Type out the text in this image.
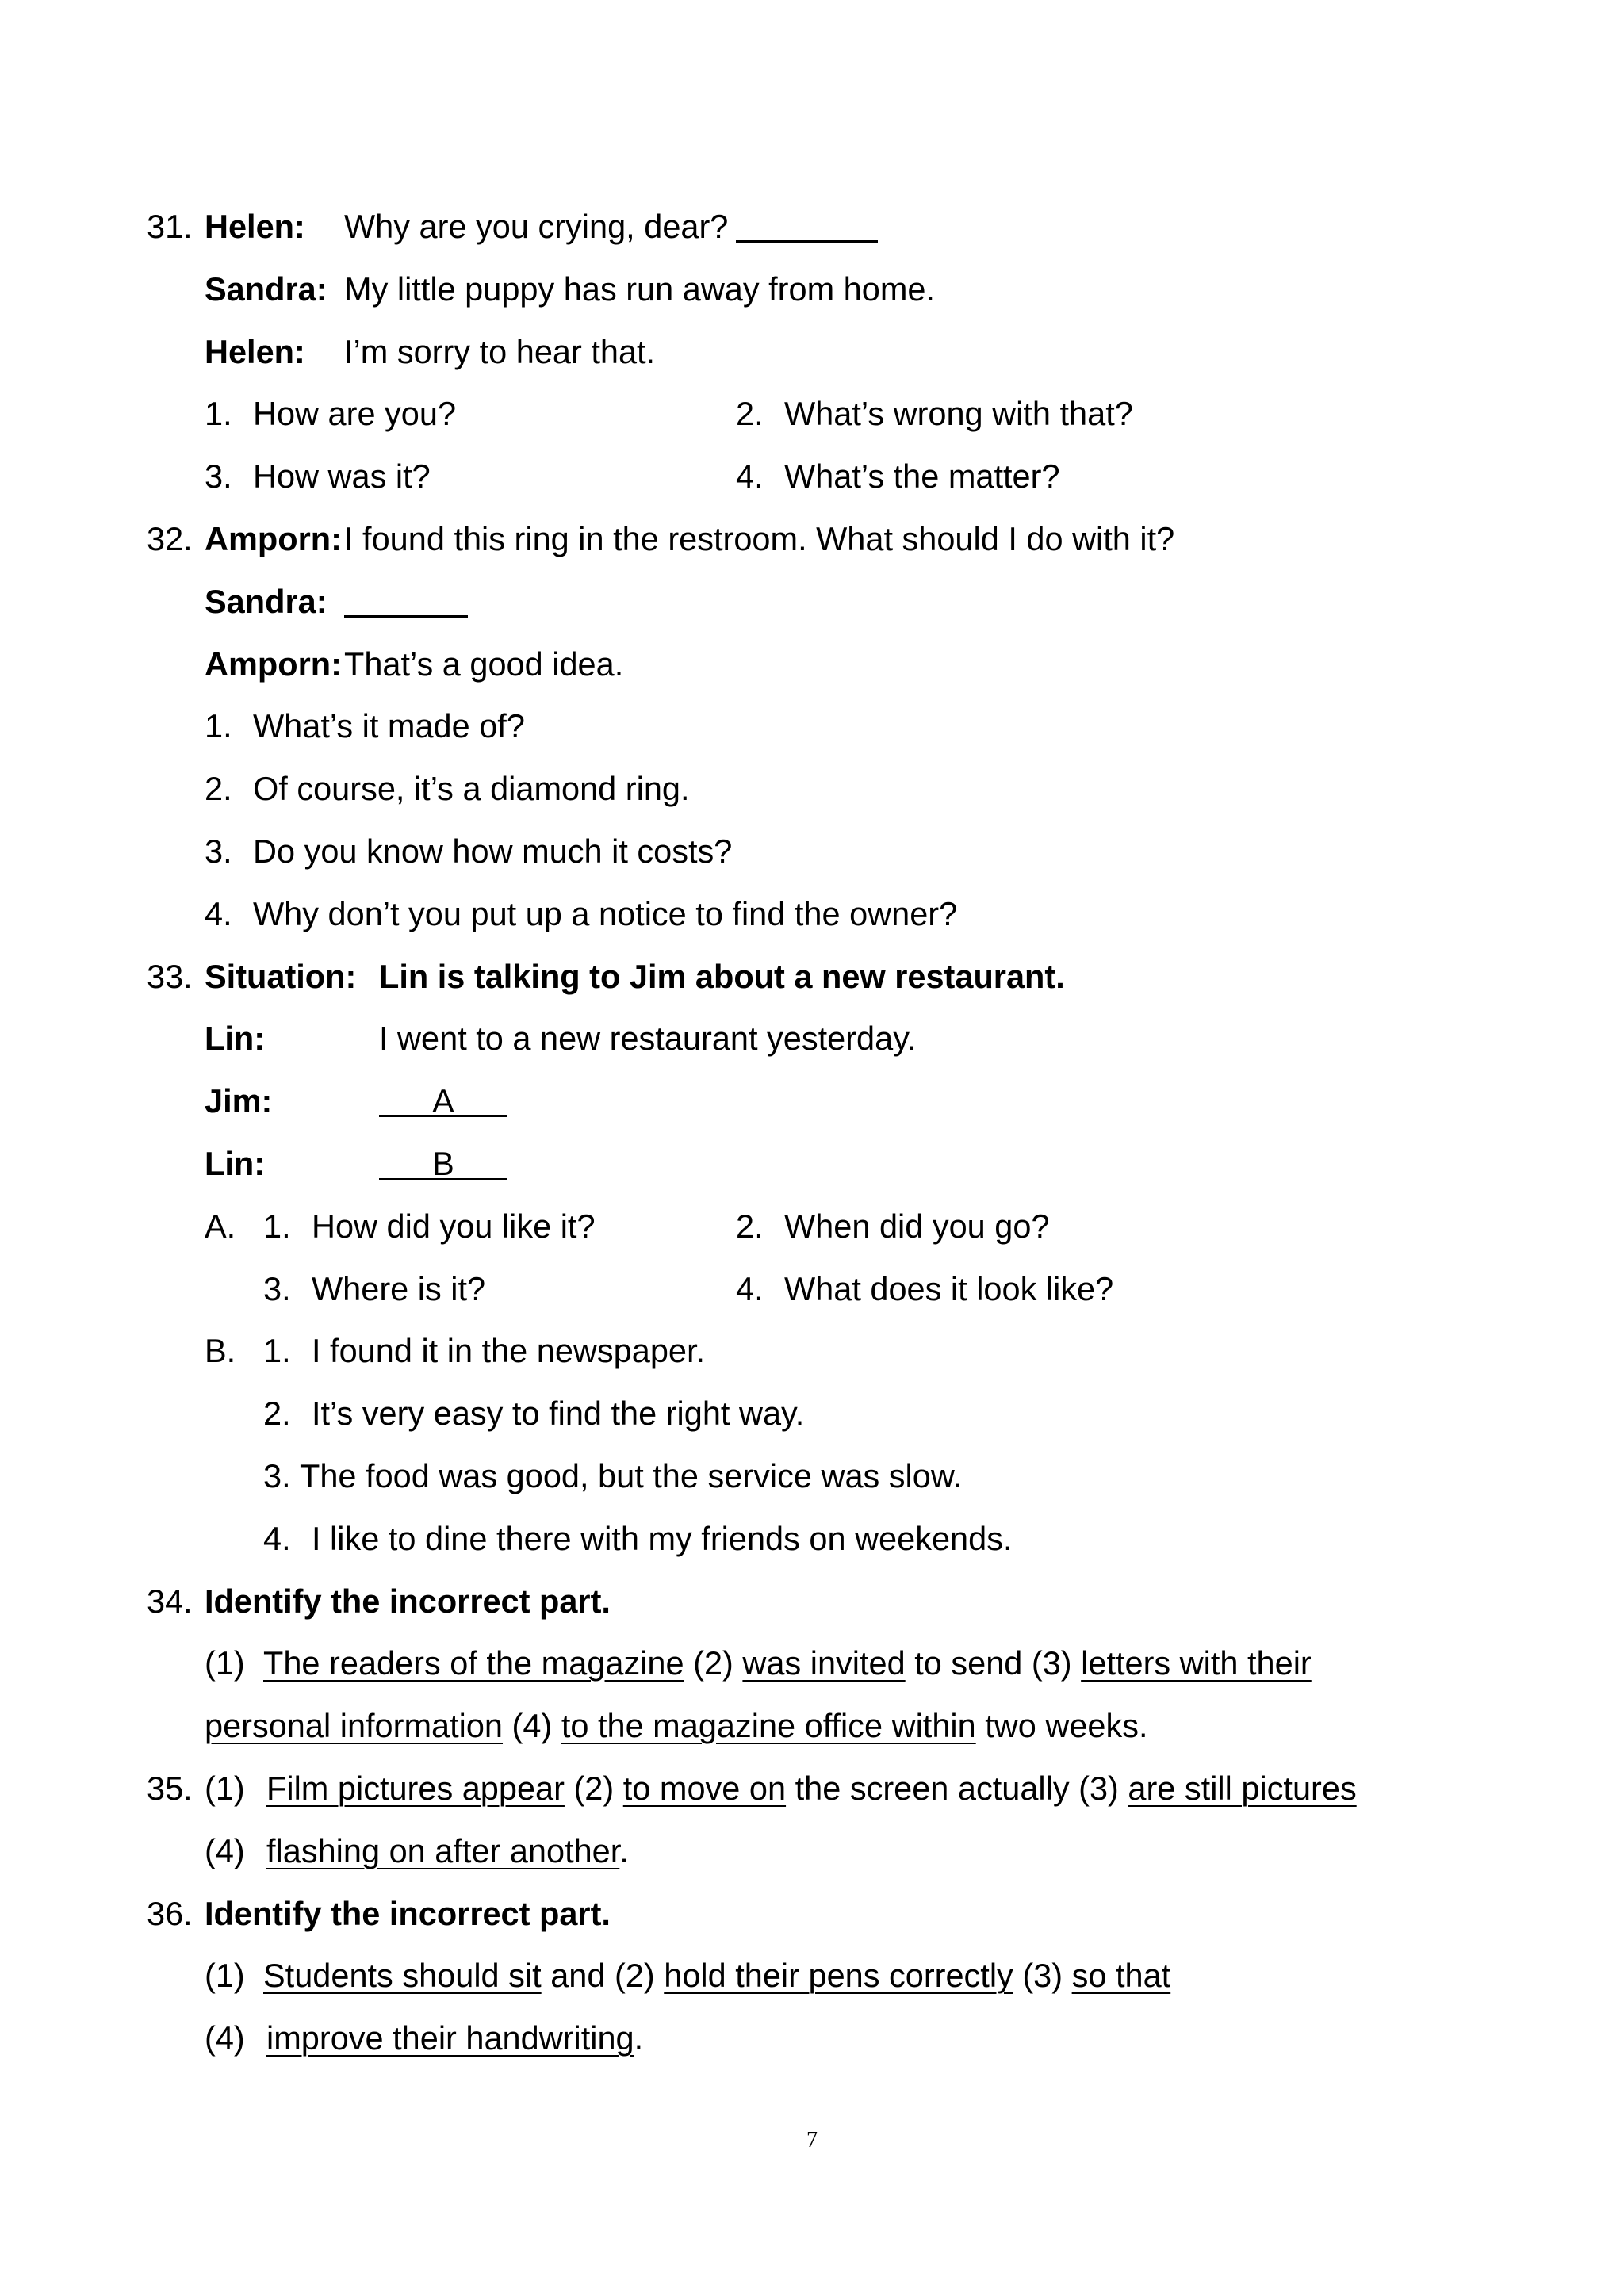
31. Helen: Why are you crying, dear?
Sandra: My little puppy has run away from home.
Helen: I’m sorry to hear that.
1. How are you?	2. What’s wrong with that?
3. How was it?	4. What’s the matter?
32. Amporn: I found this ring in the restroom. What should I do with it?
Sandra:
Amporn: That’s a good idea.
1. What’s it made of?
2. Of course, it’s a diamond ring.
3. Do you know how much it costs?
4. Why don’t you put up a notice to find the owner?
33. Situation: Lin is talking to Jim about a new restaurant.
Lin:	I went to a new restaurant yesterday.
Jim:	A
Lin:	B
A. 1. How did you like it?	2. When did you go?
3. Where is it?	4. What does it look like?
B. 1. I found it in the newspaper.
2. It’s very easy to find the right way.
3. The food was good, but the service was slow.
4. I like to dine there with my friends on weekends.
34. Identify the incorrect part.
(1) The readers of the magazine (2) was invited to send (3) letters with their
personal information (4) to the magazine office within two weeks.
35. (1) Film pictures appear (2) to move on the screen actually (3) are still pictures
(4) flashing on after another.
36. Identify the incorrect part.
(1) Students should sit and (2) hold their pens correctly (3) so that
(4) improve their handwriting.
7
